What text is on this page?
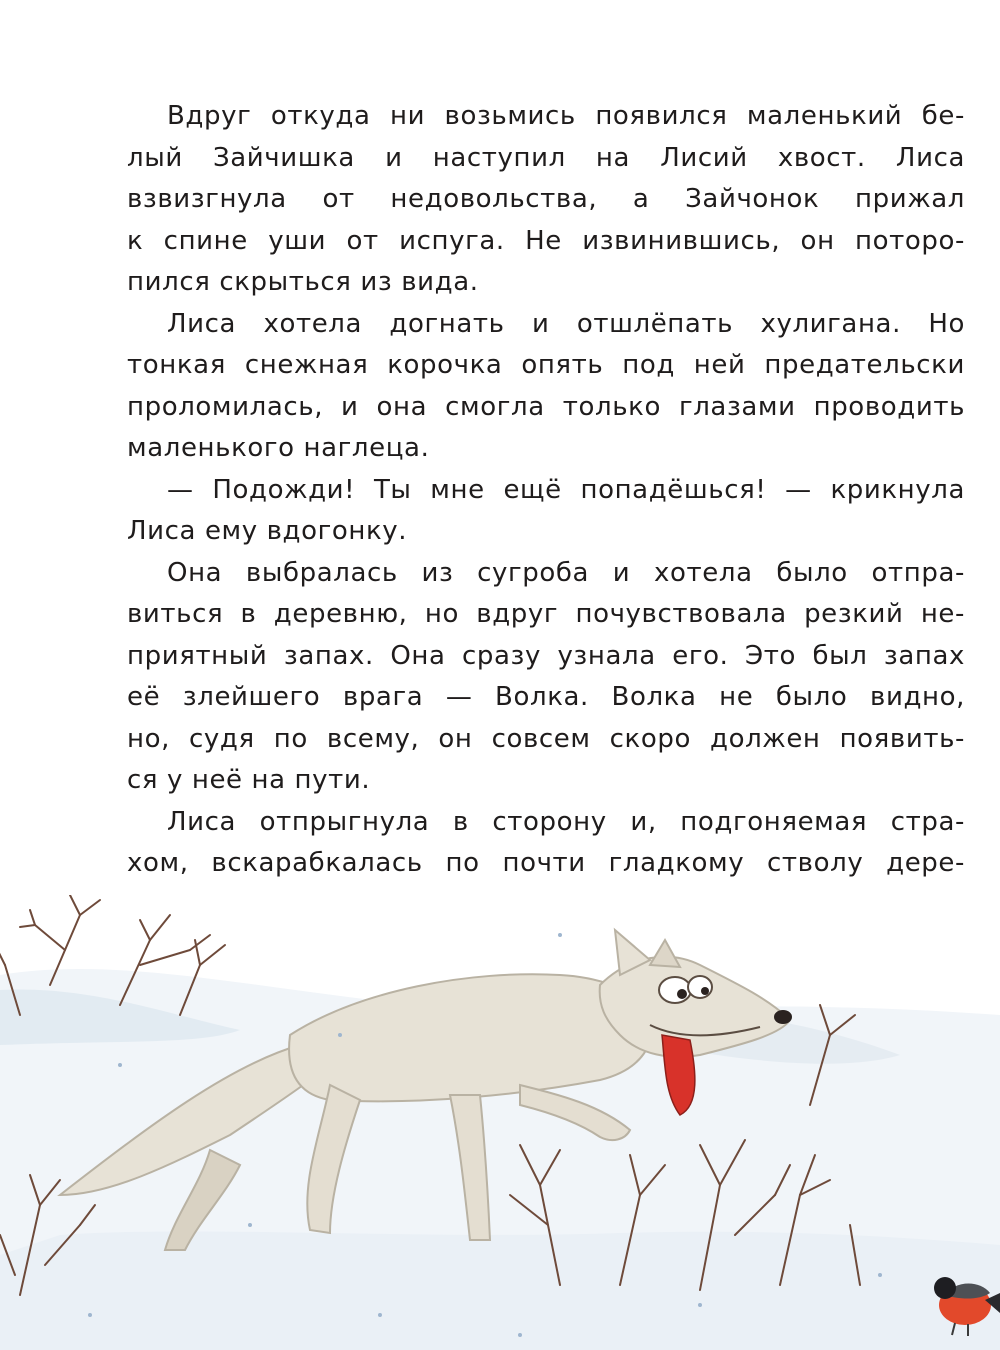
Вдруг откуда ни возьмись появился маленький бе-
лый Зайчишка и наступил на Лисий хвост. Лиса
взвизгнула от недовольства, а Зайчонок прижал
к спине уши от испуга. Не извинившись, он поторо-
пился скрыться из вида.
Лиса хотела догнать и отшлёпать хулигана. Но
тонкая снежная корочка опять под ней предательски
проломилась, и она смогла только глазами проводить
маленького наглеца.
— Подожди! Ты мне ещё попадёшься! — крикнула
Лиса ему вдогонку.
Она выбралась из сугроба и хотела было отпра-
виться в деревню, но вдруг почувствовала резкий не-
приятный запах. Она сразу узнала его. Это был запах
её злейшего врага — Волка. Волка не было видно,
но, судя по всему, он совсем скоро должен появить-
ся у неё на пути.
Лиса отпрыгнула в сторону и, подгоняемая стра-
хом, вскарабкалась по почти гладкому стволу дере-
